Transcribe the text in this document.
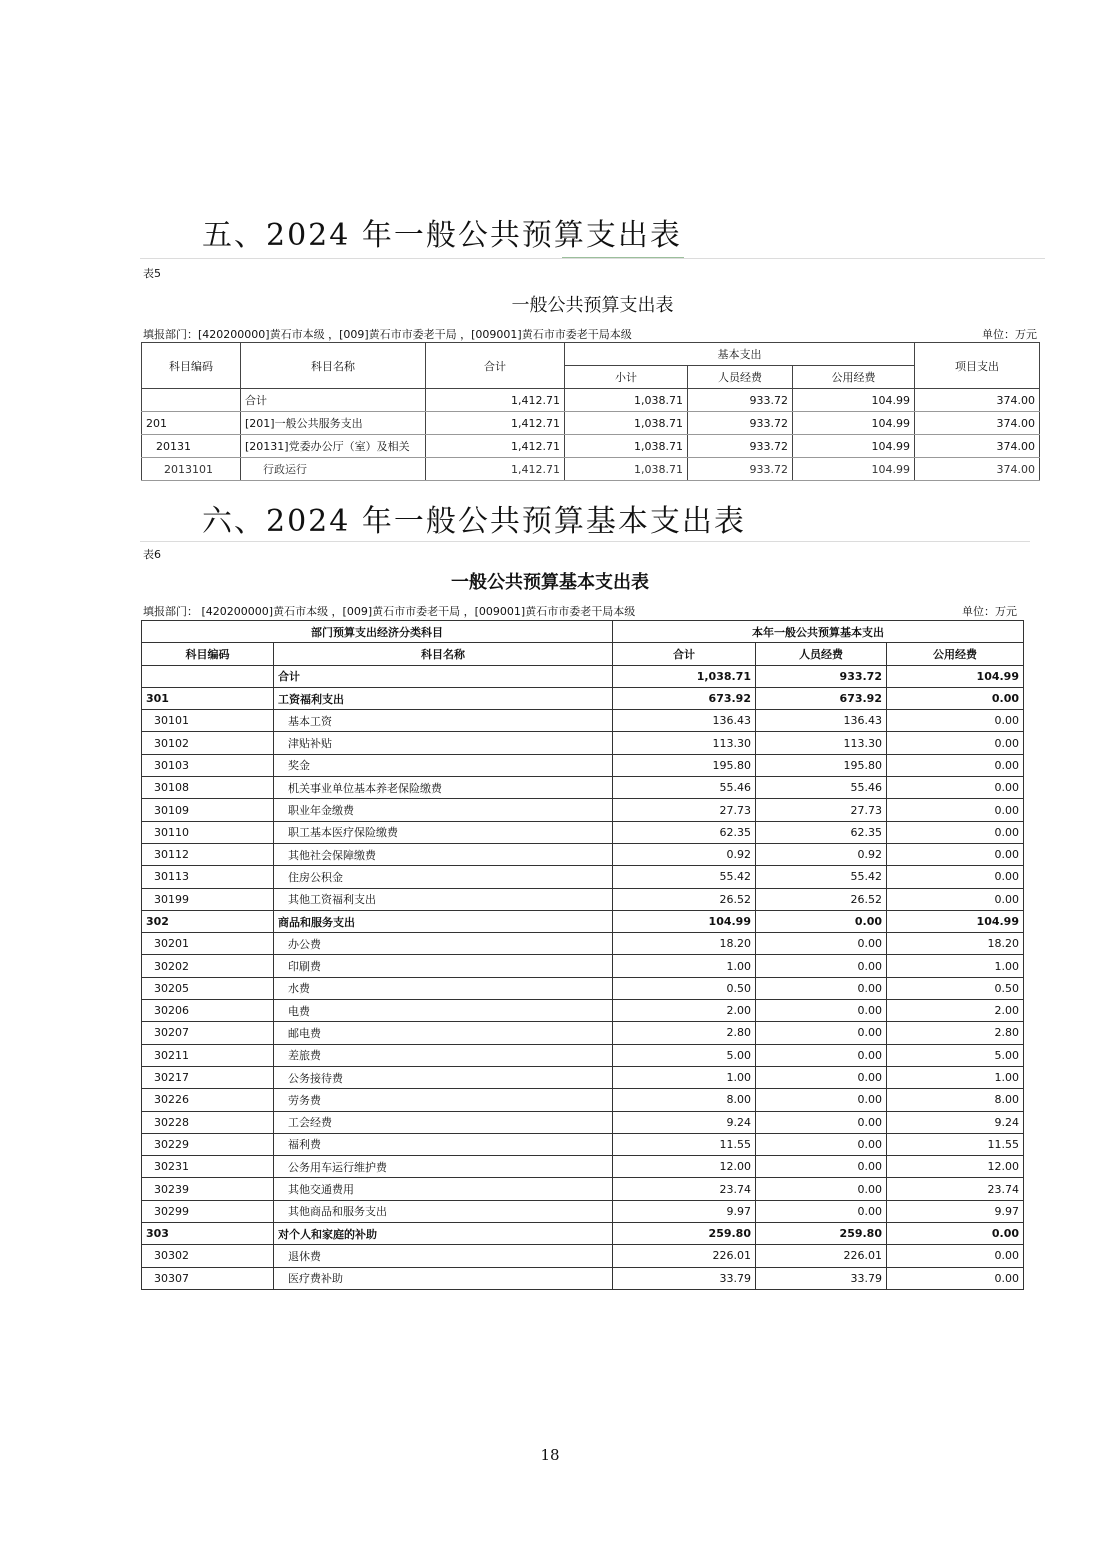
五、2024 年一般公共预算支出表
表5
一般公共预算支出表
填报部门：[420200000]黄石市本级 ，[009]黄石市市委老干局 ，[009001]黄石市市委老干局本级	单位：万元
科目编码	科目名称	合计	基本支出			项目支出
			小计	人员经费	公用经费	
	合计	1,412.71	1,038.71	933.72	104.99	374.00
201	[201]一般公共服务支出	1,412.71	1,038.71	933.72	104.99	374.00
20131	[20131]党委办公厅（室）及相关	1,412.71	1,038.71	933.72	104.99	374.00
2013101	行政运行	1,412.71	1,038.71	933.72	104.99	374.00
六、2024 年一般公共预算基本支出表
表6
一般公共预算基本支出表
填报部门： [420200000]黄石市本级 ，[009]黄石市市委老干局 ，[009001]黄石市市委老干局本级	单位：万元
部门预算支出经济分类科目		本年一般公共预算基本支出		
科目编码	科目名称	合计	人员经费	公用经费
	合计	1,038.71	933.72	104.99
301	工资福利支出	673.92	673.92	0.00
30101	基本工资	136.43	136.43	0.00
30102	津贴补贴	113.30	113.30	0.00
30103	奖金	195.80	195.80	0.00
30108	机关事业单位基本养老保险缴费	55.46	55.46	0.00
30109	职业年金缴费	27.73	27.73	0.00
30110	职工基本医疗保险缴费	62.35	62.35	0.00
30112	其他社会保障缴费	0.92	0.92	0.00
30113	住房公积金	55.42	55.42	0.00
30199	其他工资福利支出	26.52	26.52	0.00
302	商品和服务支出	104.99	0.00	104.99
30201	办公费	18.20	0.00	18.20
30202	印刷费	1.00	0.00	1.00
30205	水费	0.50	0.00	0.50
30206	电费	2.00	0.00	2.00
30207	邮电费	2.80	0.00	2.80
30211	差旅费	5.00	0.00	5.00
30217	公务接待费	1.00	0.00	1.00
30226	劳务费	8.00	0.00	8.00
30228	工会经费	9.24	0.00	9.24
30229	福利费	11.55	0.00	11.55
30231	公务用车运行维护费	12.00	0.00	12.00
30239	其他交通费用	23.74	0.00	23.74
30299	其他商品和服务支出	9.97	0.00	9.97
303	对个人和家庭的补助	259.80	259.80	0.00
30302	退休费	226.01	226.01	0.00
30307	医疗费补助	33.79	33.79	0.00
18
